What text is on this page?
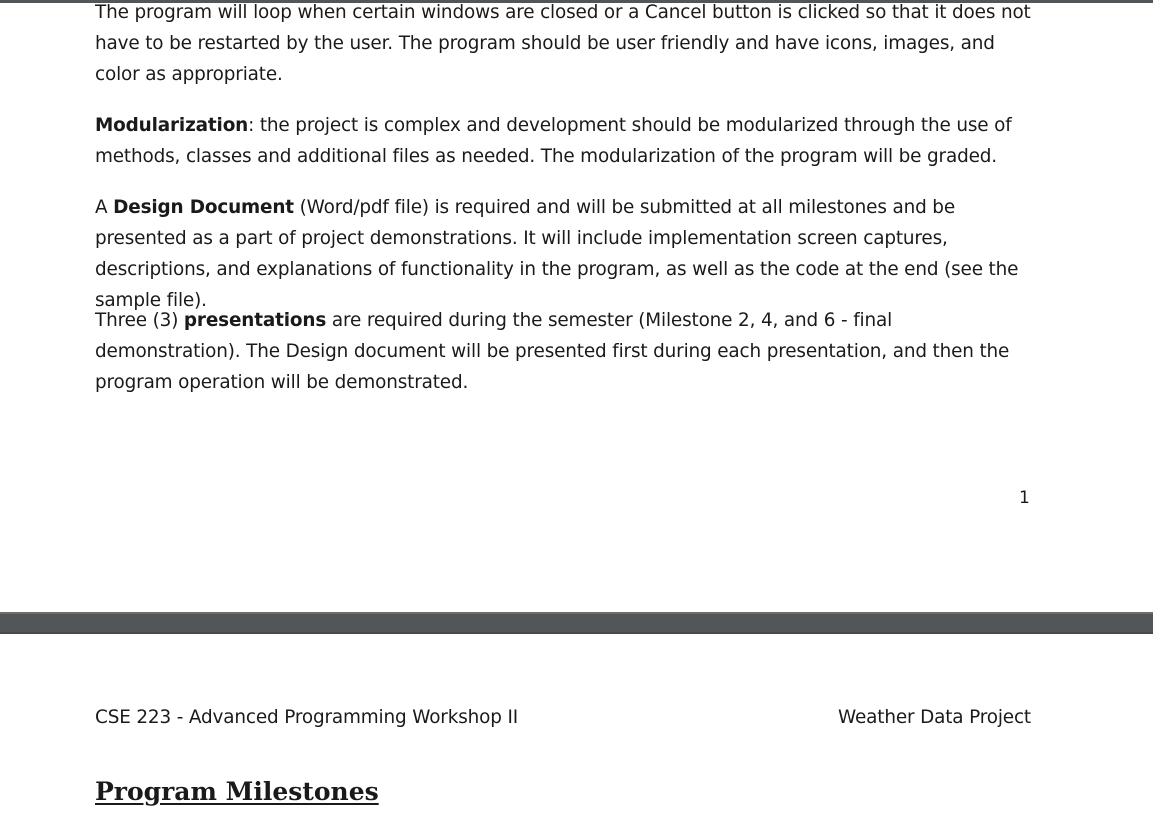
The program will loop when certain windows are closed or a Cancel button is clicked so that it does not have to be restarted by the user. The program should be user friendly and have icons, images, and color as appropriate.

Modularization: the project is complex and development should be modularized through the use of methods, classes and additional files as needed. The modularization of the program will be graded.

A Design Document (Word/pdf file) is required and will be submitted at all milestones and be presented as a part of project demonstrations. It will include implementation screen captures, descriptions, and explanations of functionality in the program, as well as the code at the end (see the sample file).

Three (3) presentations are required during the semester (Milestone 2, 4, and 6 - final demonstration). The Design document will be presented first during each presentation, and then the program operation will be demonstrated.

1
CSE 223 - Advanced Programming Workshop II	Weather Data Project
Program Milestones
